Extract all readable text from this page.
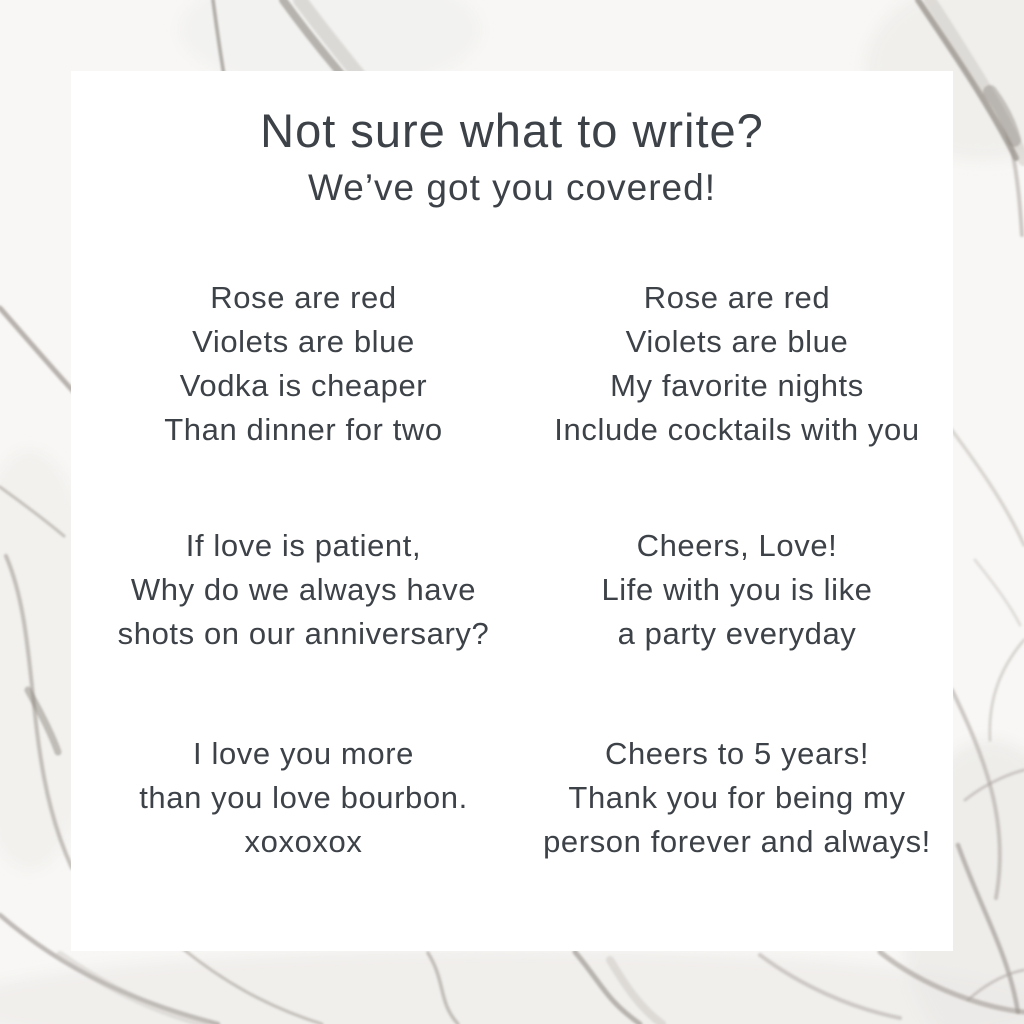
Not sure what to write?
We’ve got you covered!
Rose are red
Violets are blue
Vodka is cheaper
Than dinner for two
Rose are red
Violets are blue
My favorite nights
Include cocktails with you
If love is patient,
Why do we always have
shots on our anniversary?
Cheers, Love!
Life with you is like
a party everyday
I love you more
than you love bourbon.
xoxoxox
Cheers to 5 years!
Thank you for being my
person forever and always!
